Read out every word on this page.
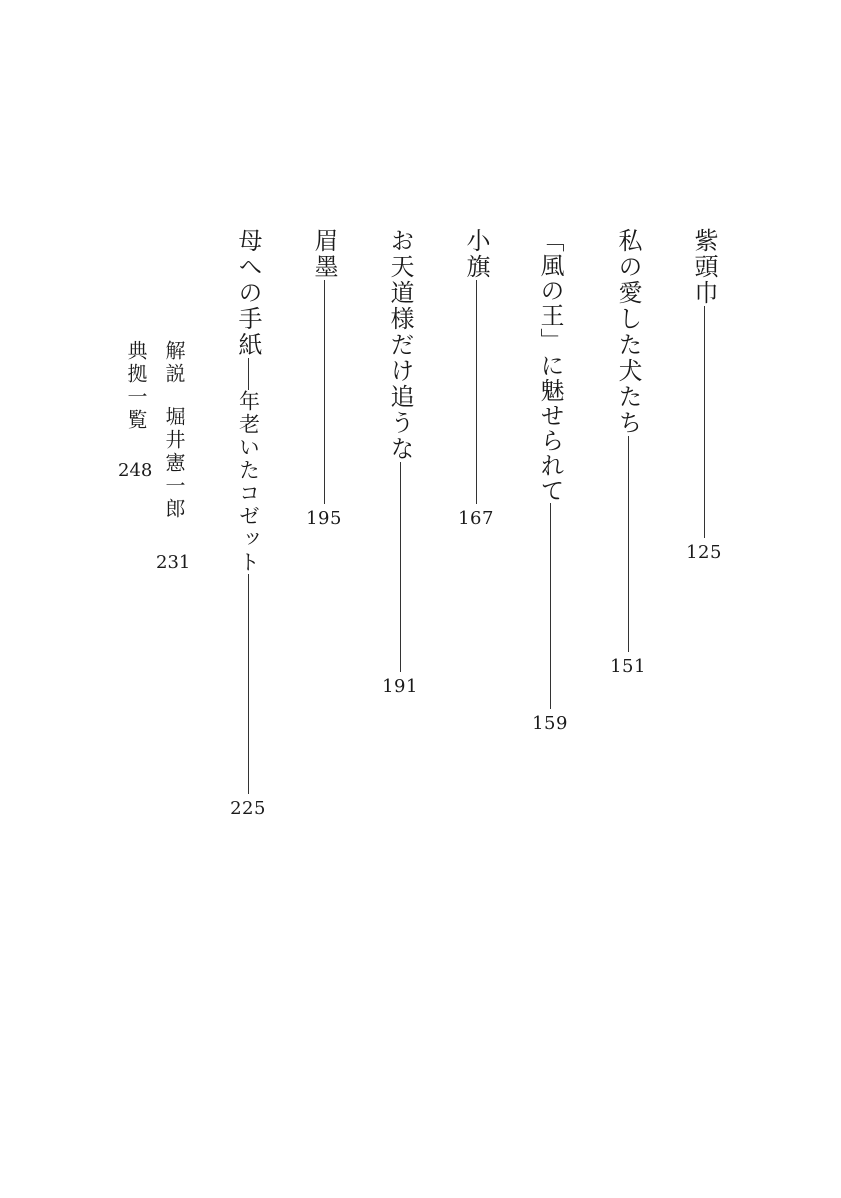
紫頭巾
125
私の愛した犬たち
151
「風の王」に魅せられて
159
小旗
167
お天道様だけ追うな
191
眉墨
195
母への手紙
年老いたコゼット
225
解説
堀井憲一郎
231
典拠一覧
248
